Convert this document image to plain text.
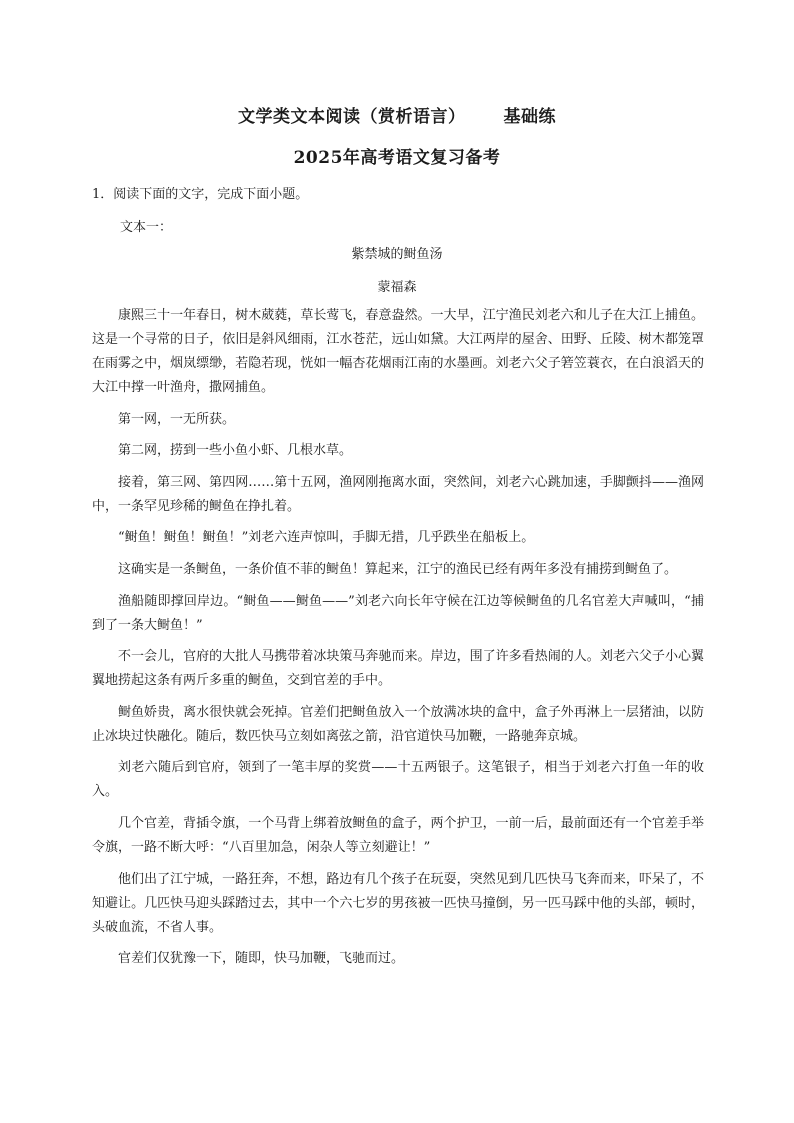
文学类文本阅读（赏析语言） 基础练
2025年高考语文复习备考
1．阅读下面的文字，完成下面小题。
文本一：
紫禁城的鲥鱼汤
蒙福森

康熙三十一年春日，树木葳蕤，草长莺飞，春意盎然。一大早，江宁渔民刘老六和儿子在大江上捕鱼。这是一个寻常的日子，依旧是斜风细雨，江水苍茫，远山如黛。大江两岸的屋舍、田野、丘陵、树木都笼罩在雨雾之中，烟岚缥缈，若隐若现，恍如一幅杏花烟雨江南的水墨画。刘老六父子箬笠蓑衣，在白浪滔天的大江中撑一叶渔舟，撒网捕鱼。

第一网，一无所获。

第二网，捞到一些小鱼小虾、几根水草。

接着，第三网、第四网……第十五网，渔网刚拖离水面，突然间，刘老六心跳加速，手脚颤抖——渔网中，一条罕见珍稀的鲥鱼在挣扎着。

“鲥鱼！鲥鱼！鲥鱼！”刘老六连声惊叫，手脚无措，几乎跌坐在船板上。

这确实是一条鲥鱼，一条价值不菲的鲥鱼！算起来，江宁的渔民已经有两年多没有捕捞到鲥鱼了。

渔船随即撑回岸边。“鲥鱼——鲥鱼——”刘老六向长年守候在江边等候鲥鱼的几名官差大声喊叫，“捕到了一条大鲥鱼！”

不一会儿，官府的大批人马携带着冰块策马奔驰而来。岸边，围了许多看热闹的人。刘老六父子小心翼翼地捞起这条有两斤多重的鲥鱼，交到官差的手中。

鲥鱼娇贵，离水很快就会死掉。官差们把鲥鱼放入一个放满冰块的盒中，盒子外再淋上一层猪油，以防止冰块过快融化。随后，数匹快马立刻如离弦之箭，沿官道快马加鞭，一路驰奔京城。

刘老六随后到官府，领到了一笔丰厚的奖赏——十五两银子。这笔银子，相当于刘老六打鱼一年的收入。

几个官差，背插令旗，一个马背上绑着放鲥鱼的盒子，两个护卫，一前一后，最前面还有一个官差手举令旗，一路不断大呼：“八百里加急，闲杂人等立刻避让！”

他们出了江宁城，一路狂奔，不想，路边有几个孩子在玩耍，突然见到几匹快马飞奔而来，吓呆了，不知避让。几匹快马迎头踩踏过去，其中一个六七岁的男孩被一匹快马撞倒，另一匹马踩中他的头部，顿时，头破血流，不省人事。

官差们仅犹豫一下，随即，快马加鞭，飞驰而过。
